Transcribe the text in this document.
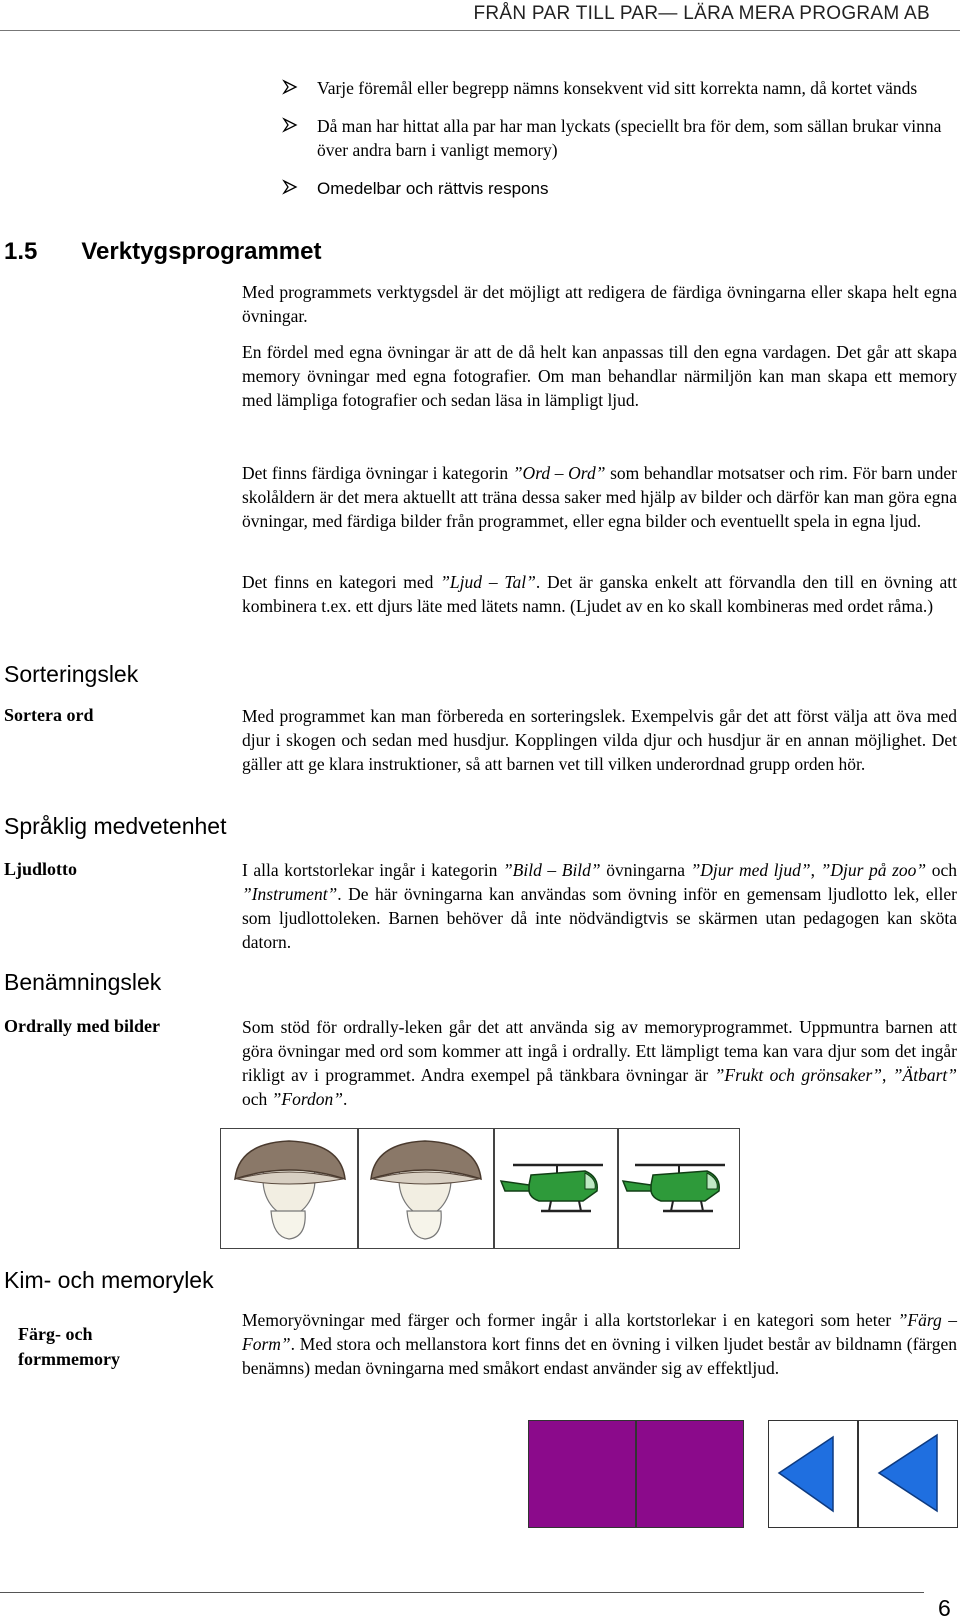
FRÅN PAR TILL PAR— LÄRA MERA PROGRAM AB
Varje föremål eller begrepp nämns konsekvent vid sitt korrekta namn, då kortet vänds
Då man har hittat alla par har man lyckats (speciellt bra för dem, som sällan brukar vinna över andra barn i vanligt memory)
Omedelbar och rättvis respons
1.5 Verktygsprogrammet

Med programmets verktygsdel är det möjligt att redigera de färdiga övningarna eller skapa helt egna övningar.

En fördel med egna övningar är att de då helt kan anpassas till den egna vardagen. Det går att skapa memory övningar med egna fotografier. Om man behandlar närmiljön kan man skapa ett memory med lämpliga fotografier och sedan läsa in lämpligt ljud.

Det finns färdiga övningar i kategorin ”Ord – Ord” som behandlar motsatser och rim. För barn under skolåldern är det mera aktuellt att träna dessa saker med hjälp av bilder och därför kan man göra egna övningar, med färdiga bilder från programmet, eller egna bilder och eventuellt spela in egna ljud.

Det finns en kategori med ”Ljud – Tal”. Det är ganska enkelt att förvandla den till en övning att kombinera t.ex. ett djurs läte med lätets namn. (Ljudet av en ko skall kombineras med ordet råma.)

Sorteringslek
Sortera ord	Med programmet kan man förbereda en sorteringslek. Exempelvis går det att först välja att öva med djur i skogen och sedan med husdjur. Kopplingen vilda djur och husdjur är en annan möjlighet. Det gäller att ge klara instruktioner, så att barnen vet till vilken underordnad grupp orden hör.

Språklig medvetenhet
Ljudlotto	I alla kortstorlekar ingår i kategorin ”Bild – Bild” övningarna ”Djur med ljud”, ”Djur på zoo” och ”Instrument”. De här övningarna kan användas som övning inför en gemensam ljudlotto lek, eller som ljudlottoleken. Barnen behöver då inte nödvändigtvis se skärmen utan pedagogen kan sköta datorn.

Benämningslek
Ordrally med bilder	Som stöd för ordrally-leken går det att använda sig av memoryprogrammet. Uppmuntra barnen att göra övningar med ord som kommer att ingå i ordrally. Ett lämpligt tema kan vara djur som det ingår rikligt av i programmet. Andra exempel på tänkbara övningar är ”Frukt och grönsaker”, ”Ätbart” och ”Fordon”.

Kim- och memorylek
Färg- och
formmemory

Memoryövningar med färger och former ingår i alla kortstorlekar i en kategori som heter ”Färg – Form”. Med stora och mellanstora kort finns det en övning i vilken ljudet består av bildnamn (färgen benämns) medan övningarna med småkort endast använder sig av effektljud.

6
